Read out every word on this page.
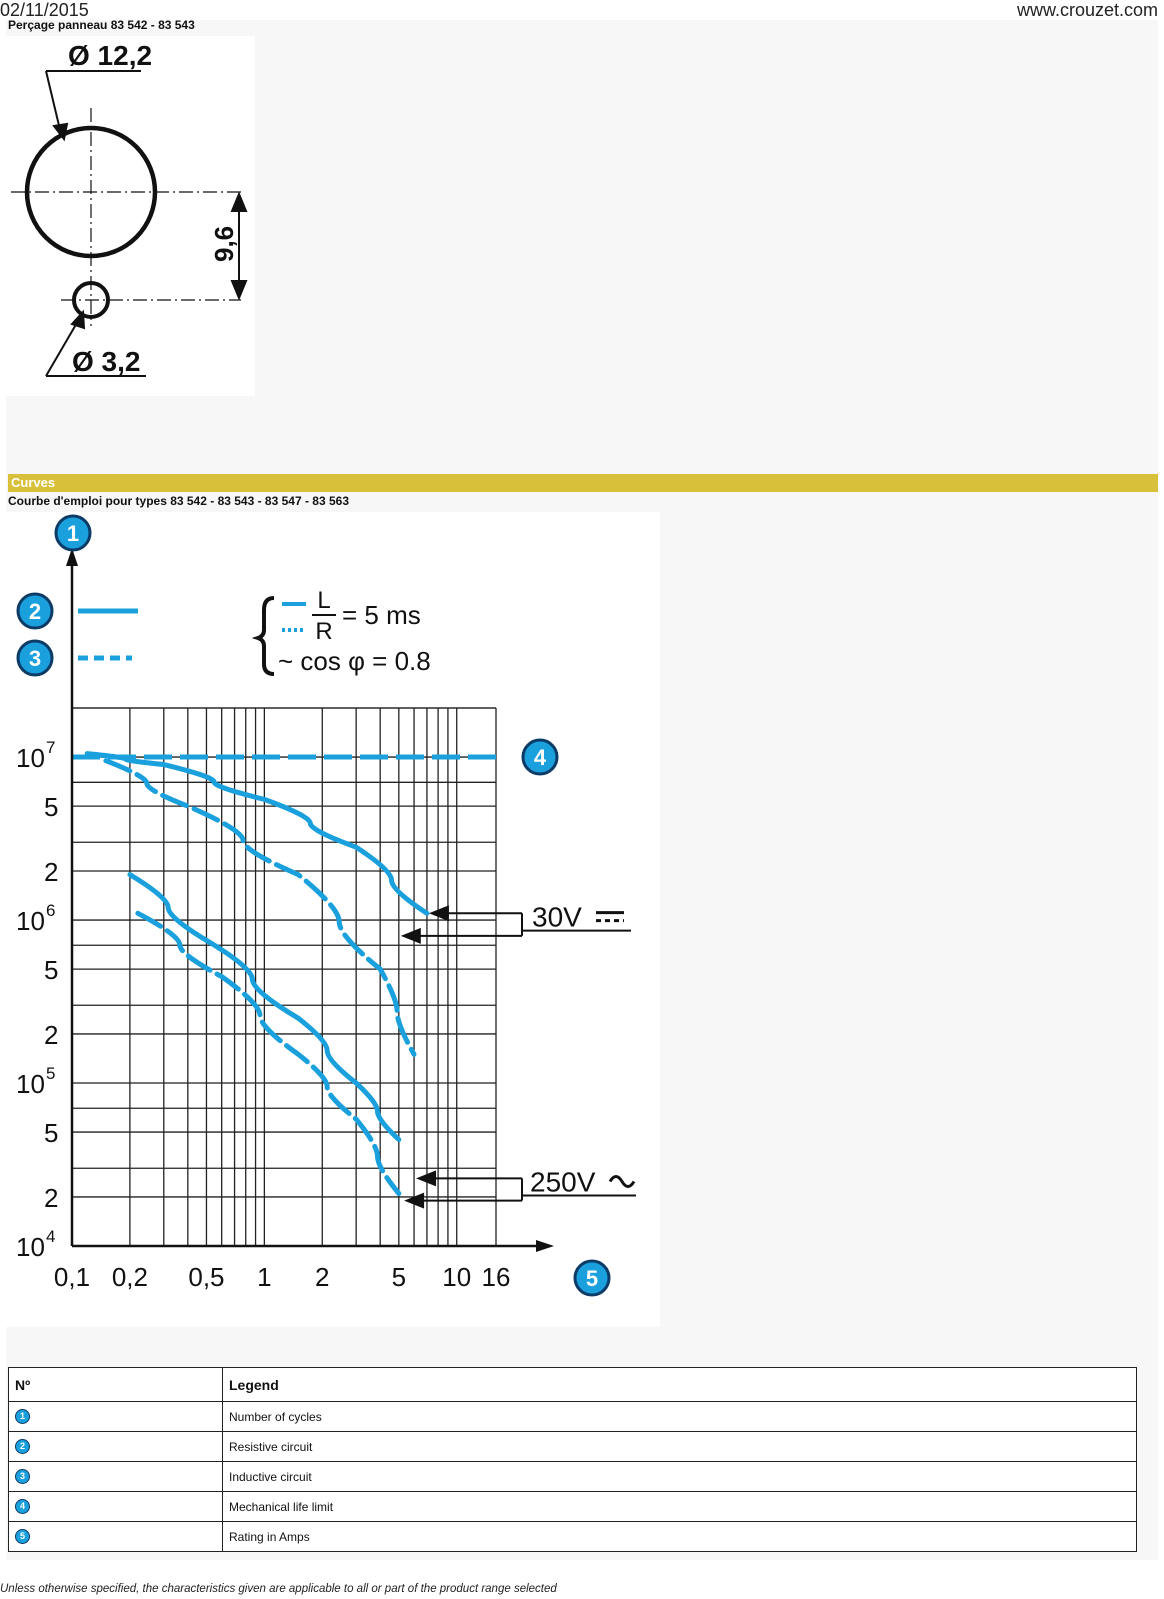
02/11/2015	www.crouzet.com
Perçage panneau 83 542 - 83 543
Ø 12,2
9,6
Ø 3,2
Curves
Courbe d'emploi pour types 83 542 - 83 543 - 83 547 - 83 563
0,1 0,2 0,5 1 2 5 10 16
10 4
2
5
10 5
2
5
10 6
2
5
10 7
1
2
3
4
5
L
R
= 5 ms
~ cos φ = 0.8
30V
250V
Nº	Legend
1	Number of cycles
2	Resistive circuit
3	Inductive circuit
4	Mechanical life limit
5	Rating in Amps
Unless otherwise specified, the characteristics given are applicable to all or part of the product range selected
